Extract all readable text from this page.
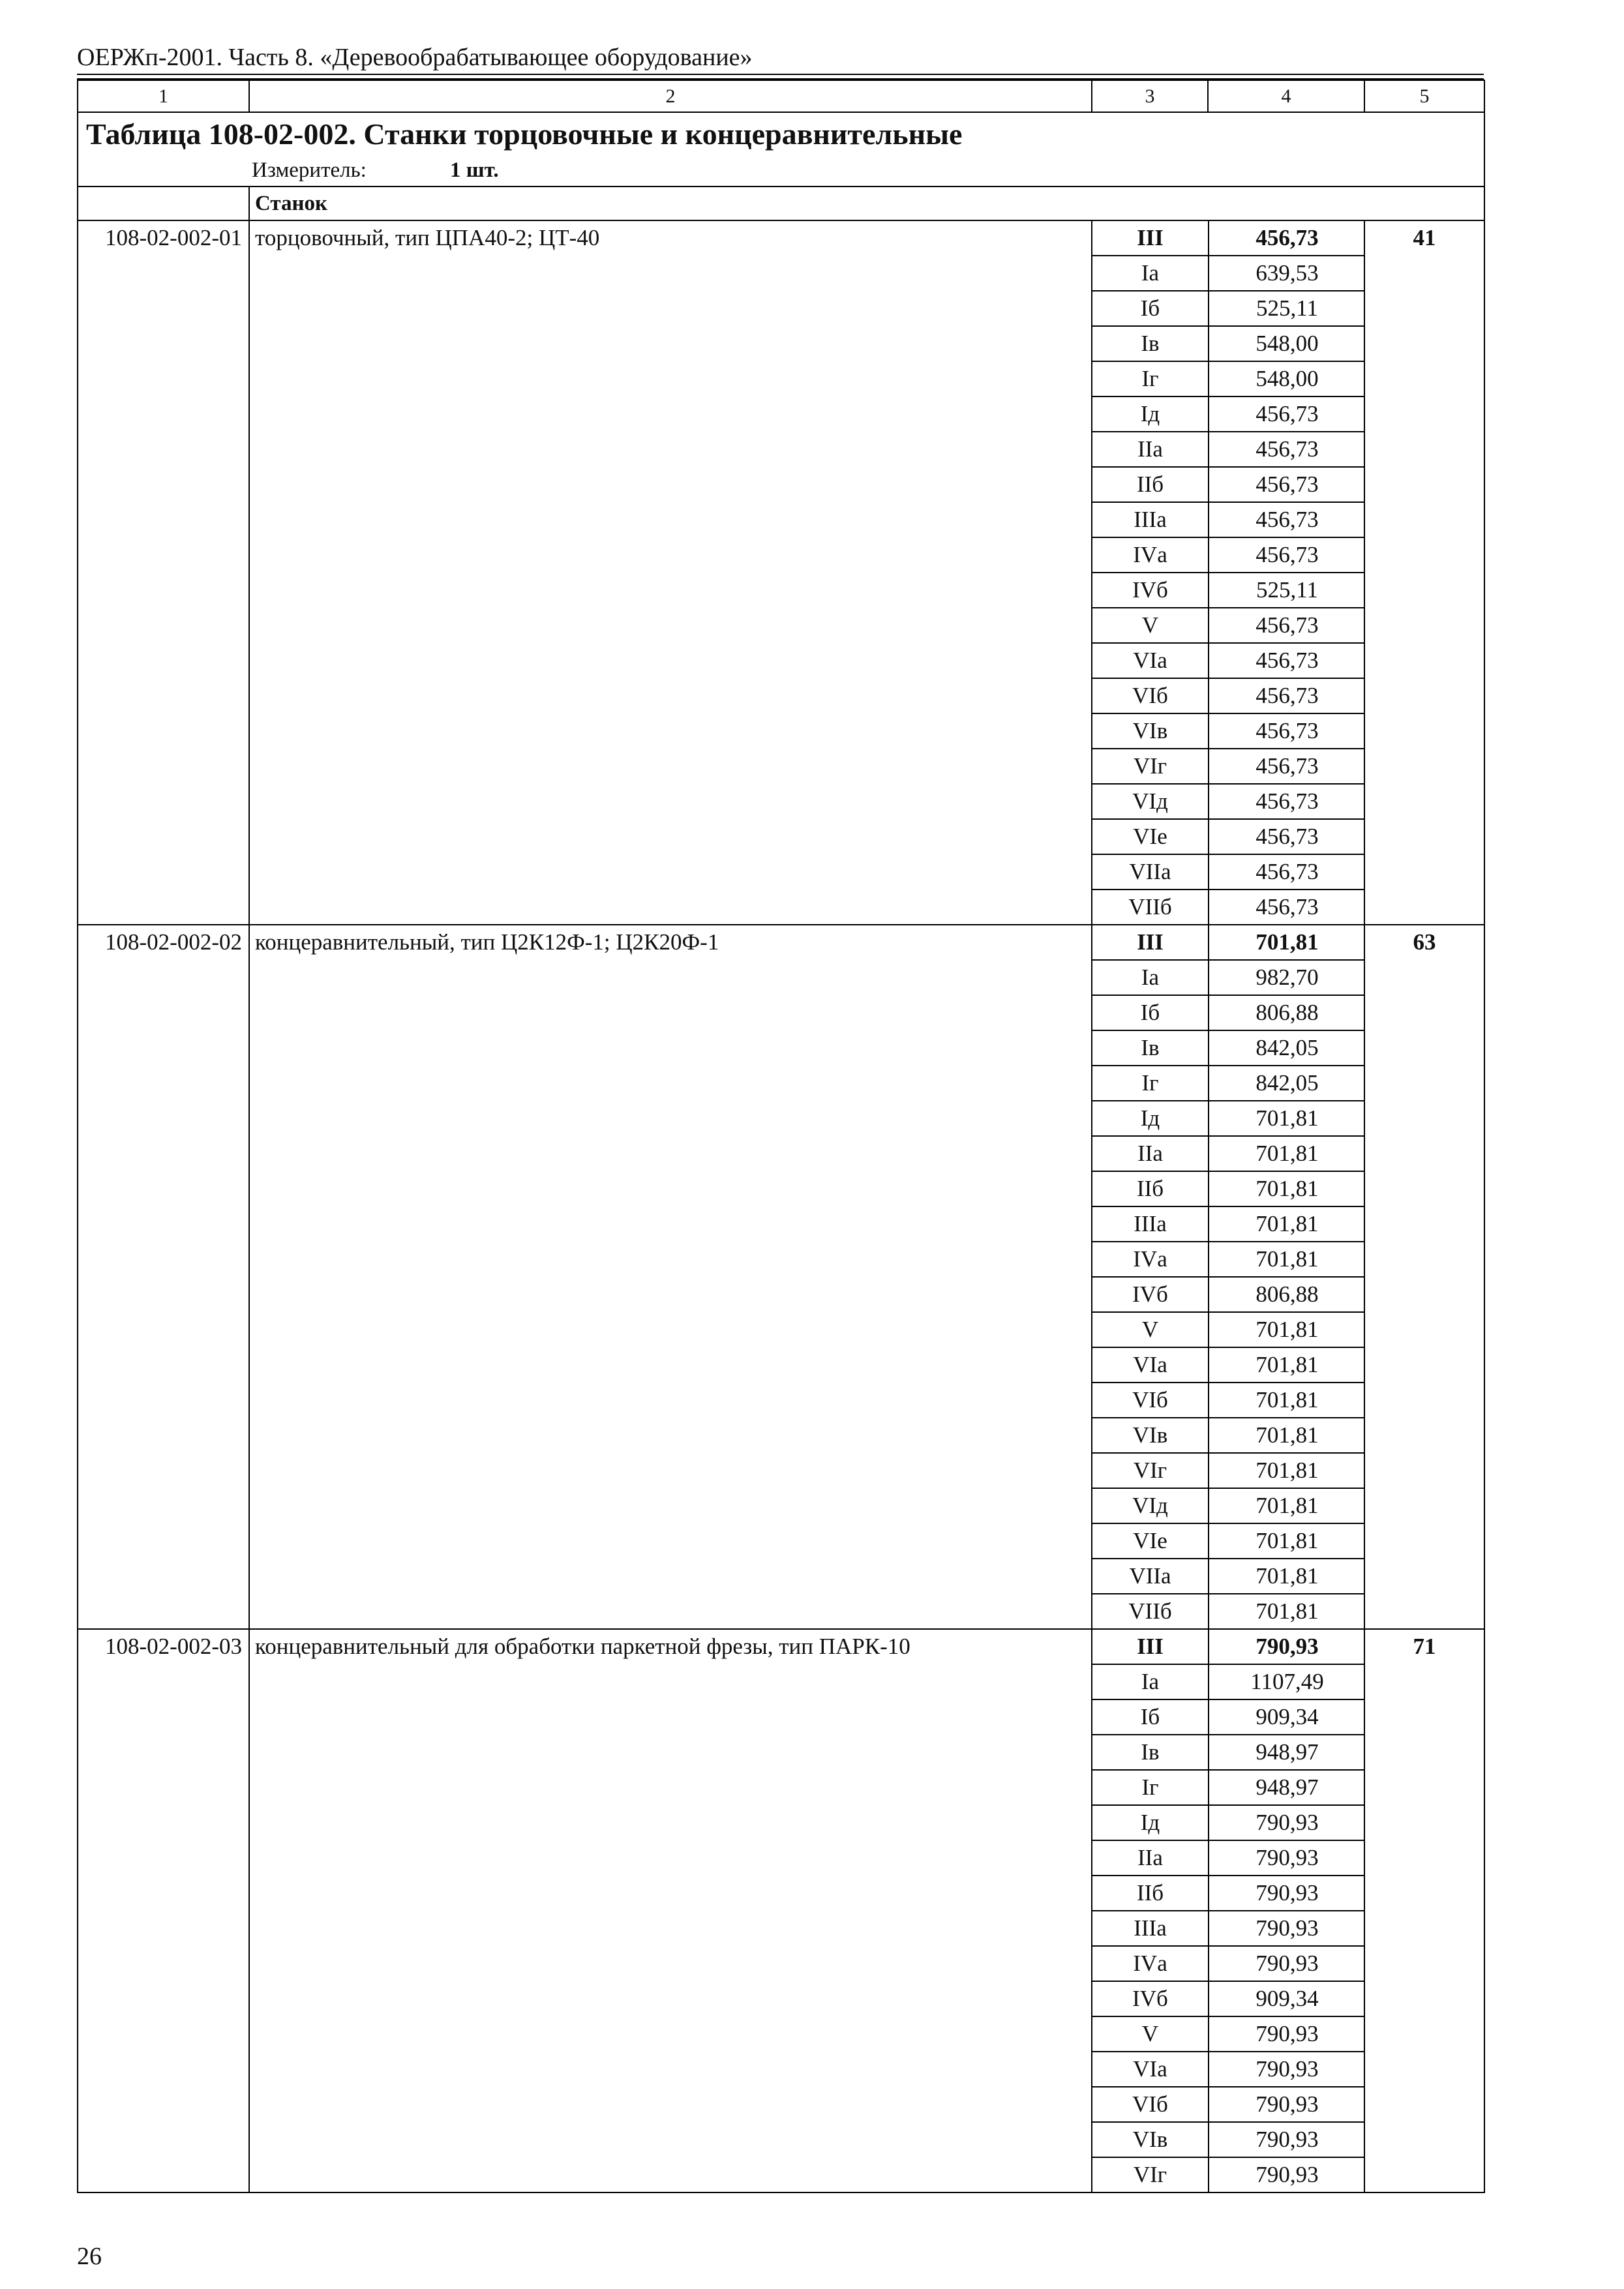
ОЕРЖп-2001. Часть 8. «Деревообрабатывающее оборудование»
1	2	3	4	5

Таблица 108-02-002. Станки торцовочные и концеравнительные
Измеритель:	1 шт.

	Станок
108-02-002-01	торцовочный, тип ЦПА40-2; ЦТ-40		III	456,73
Iа	639,53
Iб	525,11
Iв	548,00
Iг	548,00
Iд	456,73
IIа	456,73
IIб	456,73
IIIа	456,73
IVа	456,73
IVб	525,11
V	456,73
VIа	456,73
VIб	456,73
VIв	456,73
VIг	456,73
VIд	456,73
VIе	456,73
VIIа	456,73
VIIб	456,73
	41
108-02-002-02	концеравнительный, тип Ц2К12Ф-1; Ц2К20Ф-1		III	701,81
Iа	982,70
Iб	806,88
Iв	842,05
Iг	842,05
Iд	701,81
IIа	701,81
IIб	701,81
IIIа	701,81
IVа	701,81
IVб	806,88
V	701,81
VIа	701,81
VIб	701,81
VIв	701,81
VIг	701,81
VIд	701,81
VIе	701,81
VIIа	701,81
VIIб	701,81
	63
108-02-002-03	концеравнительный для обработки паркетной фрезы, тип ПАРК-10		III	790,93
Iа	1107,49
Iб	909,34
Iв	948,97
Iг	948,97
Iд	790,93
IIа	790,93
IIб	790,93
IIIа	790,93
IVа	790,93
IVб	909,34
V	790,93
VIа	790,93
VIб	790,93
VIв	790,93
VIг	790,93
	71
26
